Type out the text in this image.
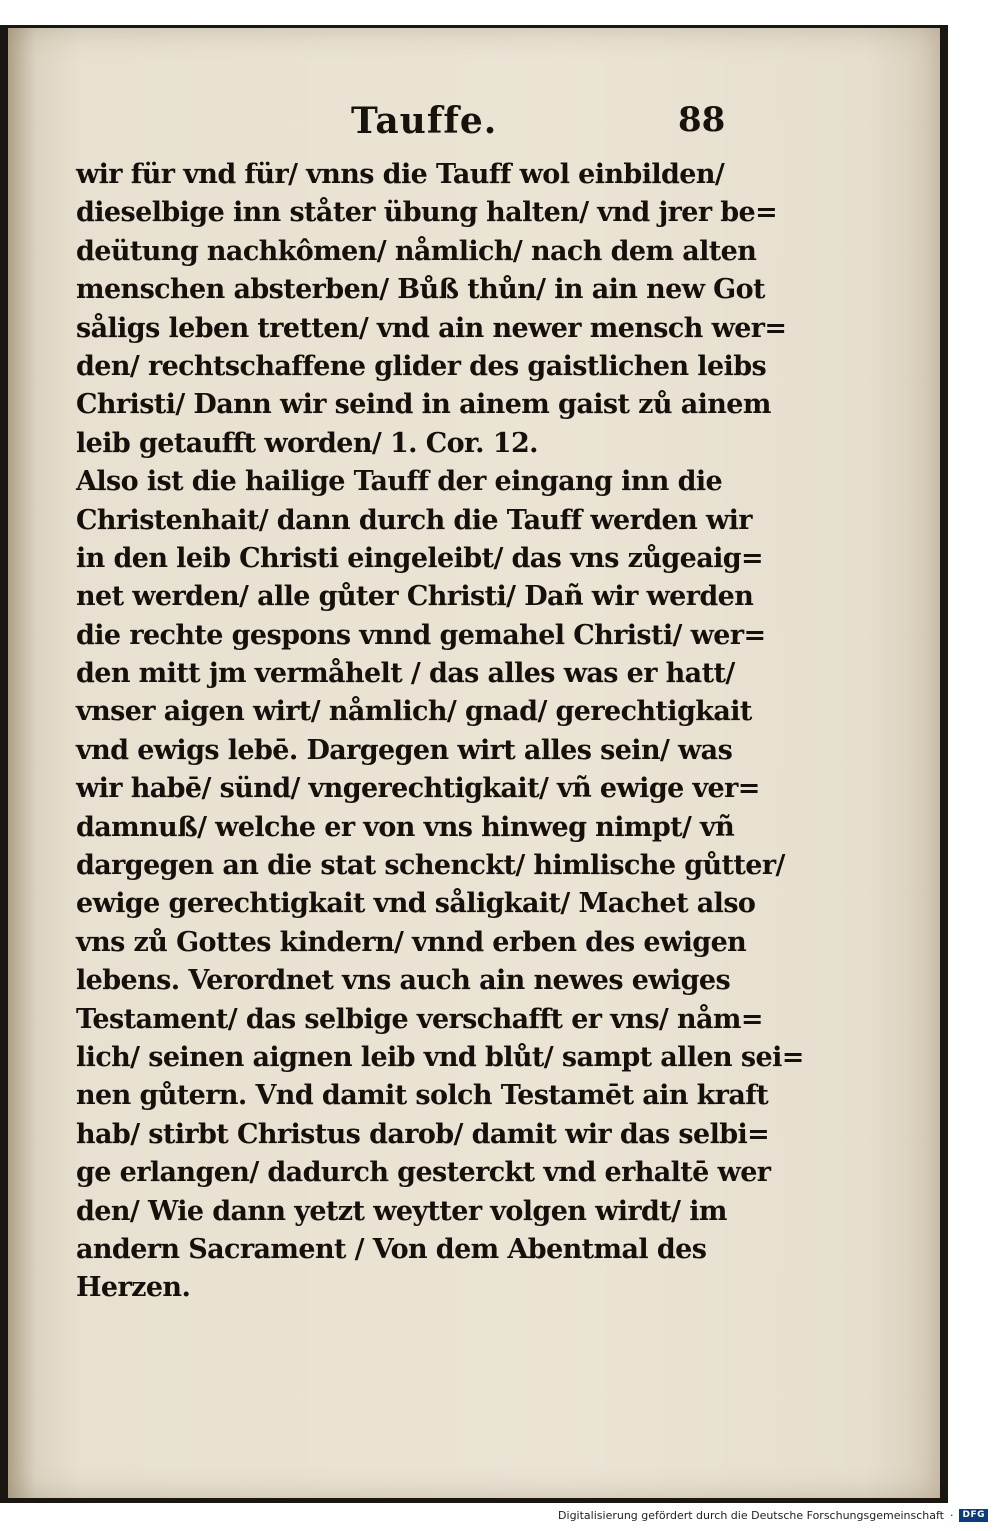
Tauffe.	88
wir für vnd für/ vnns die Tauff wol einbilden/
dieselbige inn ståter übung halten/ vnd jrer be=
deütung nachkômen/ nåmlich/ nach dem alten
menschen absterben/ Bůß thůn/ in ain new Got
såligs leben tretten/ vnd ain newer mensch wer=
den/ rechtschaffene glider des gaistlichen leibs
Christi/ Dann wir seind in ainem gaist zů ainem
leib getaufft worden/ 1. Cor. 12.
Also ist die hailige Tauff der eingang inn die
Christenhait/ dann durch die Tauff werden wir
in den leib Christi eingeleibt/ das vns zůgeaig=
net werden/ alle gůter Christi/ Dañ wir werden
die rechte gespons vnnd gemahel Christi/ wer=
den mitt jm vermåhelt / das alles was er hatt/
vnser aigen wirt/ nåmlich/ gnad/ gerechtigkait
vnd ewigs lebē. Dargegen wirt alles sein/ was
wir habē/ sünd/ vngerechtigkait/ vñ ewige ver=
damnuß/ welche er von vns hinweg nimpt/ vñ
dargegen an die stat schenckt/ himlische gůtter/
ewige gerechtigkait vnd såligkait/ Machet also
vns zů Gottes kindern/ vnnd erben des ewigen
lebens. Verordnet vns auch ain newes ewiges
Testament/ das selbige verschafft er vns/ nåm=
lich/ seinen aignen leib vnd blůt/ sampt allen sei=
nen gůtern. Vnd damit solch Testamēt ain kraft
hab/ stirbt Christus darob/ damit wir das selbi=
ge erlangen/ dadurch gesterckt vnd erhaltē wer
den/ Wie dann yetzt weytter volgen wirdt/ im
andern Sacrament / Von dem Abentmal des
Herzen.
Digitalisierung gefördert durch die Deutsche Forschungsgemeinschaft ·	DFG
